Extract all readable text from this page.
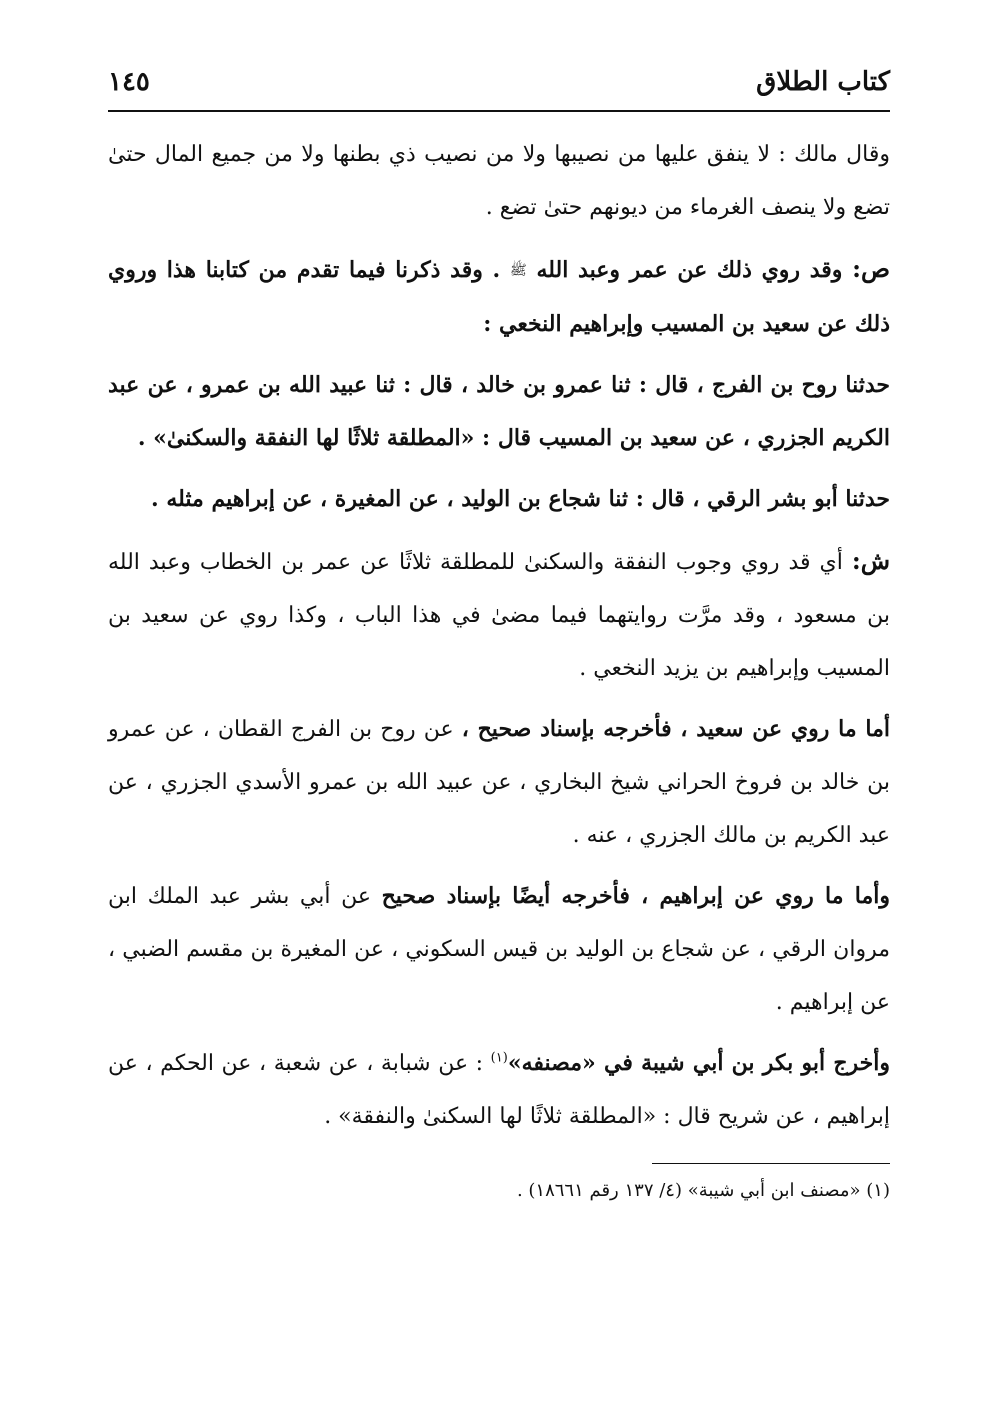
كتاب الطلاق
١٤٥

وقال مالك : لا ينفق عليها من نصيبها ولا من نصيب ذي بطنها ولا من جميع المال حتىٰ تضع ولا ينصف الغرماء من ديونهم حتىٰ تضع .

ص: وقد روي ذلك عن عمر وعبد الله ﷺ . وقد ذكرنا فيما تقدم من كتابنا هذا وروي ذلك عن سعيد بن المسيب وإبراهيم النخعي :

حدثنا روح بن الفرج ، قال : ثنا عمرو بن خالد ، قال : ثنا عبيد الله بن عمرو ، عن عبد الكريم الجزري ، عن سعيد بن المسيب قال : «المطلقة ثلاثًا لها النفقة والسكنىٰ» .

حدثنا أبو بشر الرقي ، قال : ثنا شجاع بن الوليد ، عن المغيرة ، عن إبراهيم مثله .

ش: أي قد روي وجوب النفقة والسكنىٰ للمطلقة ثلاثًا عن عمر بن الخطاب وعبد الله بن مسعود ، وقد مرَّت روايتهما فيما مضىٰ في هذا الباب ، وكذا روي عن سعيد بن المسيب وإبراهيم بن يزيد النخعي .

أما ما روي عن سعيد ، فأخرجه بإسناد صحيح ، عن روح بن الفرج القطان ، عن عمرو بن خالد بن فروخ الحراني شيخ البخاري ، عن عبيد الله بن عمرو الأسدي الجزري ، عن عبد الكريم بن مالك الجزري ، عنه .

وأما ما روي عن إبراهيم ، فأخرجه أيضًا بإسناد صحيح عن أبي بشر عبد الملك ابن مروان الرقي ، عن شجاع بن الوليد بن قيس السكوني ، عن المغيرة بن مقسم الضبي ، عن إبراهيم .

وأخرج أبو بكر بن أبي شيبة في «مصنفه»$^{(١)}$ : عن شبابة ، عن شعبة ، عن الحكم ، عن إبراهيم ، عن شريح قال : «المطلقة ثلاثًا لها السكنىٰ والنفقة» .

(١) «مصنف ابن أبي شيبة» (٤/ ١٣٧ رقم ١٨٦٦١) .
